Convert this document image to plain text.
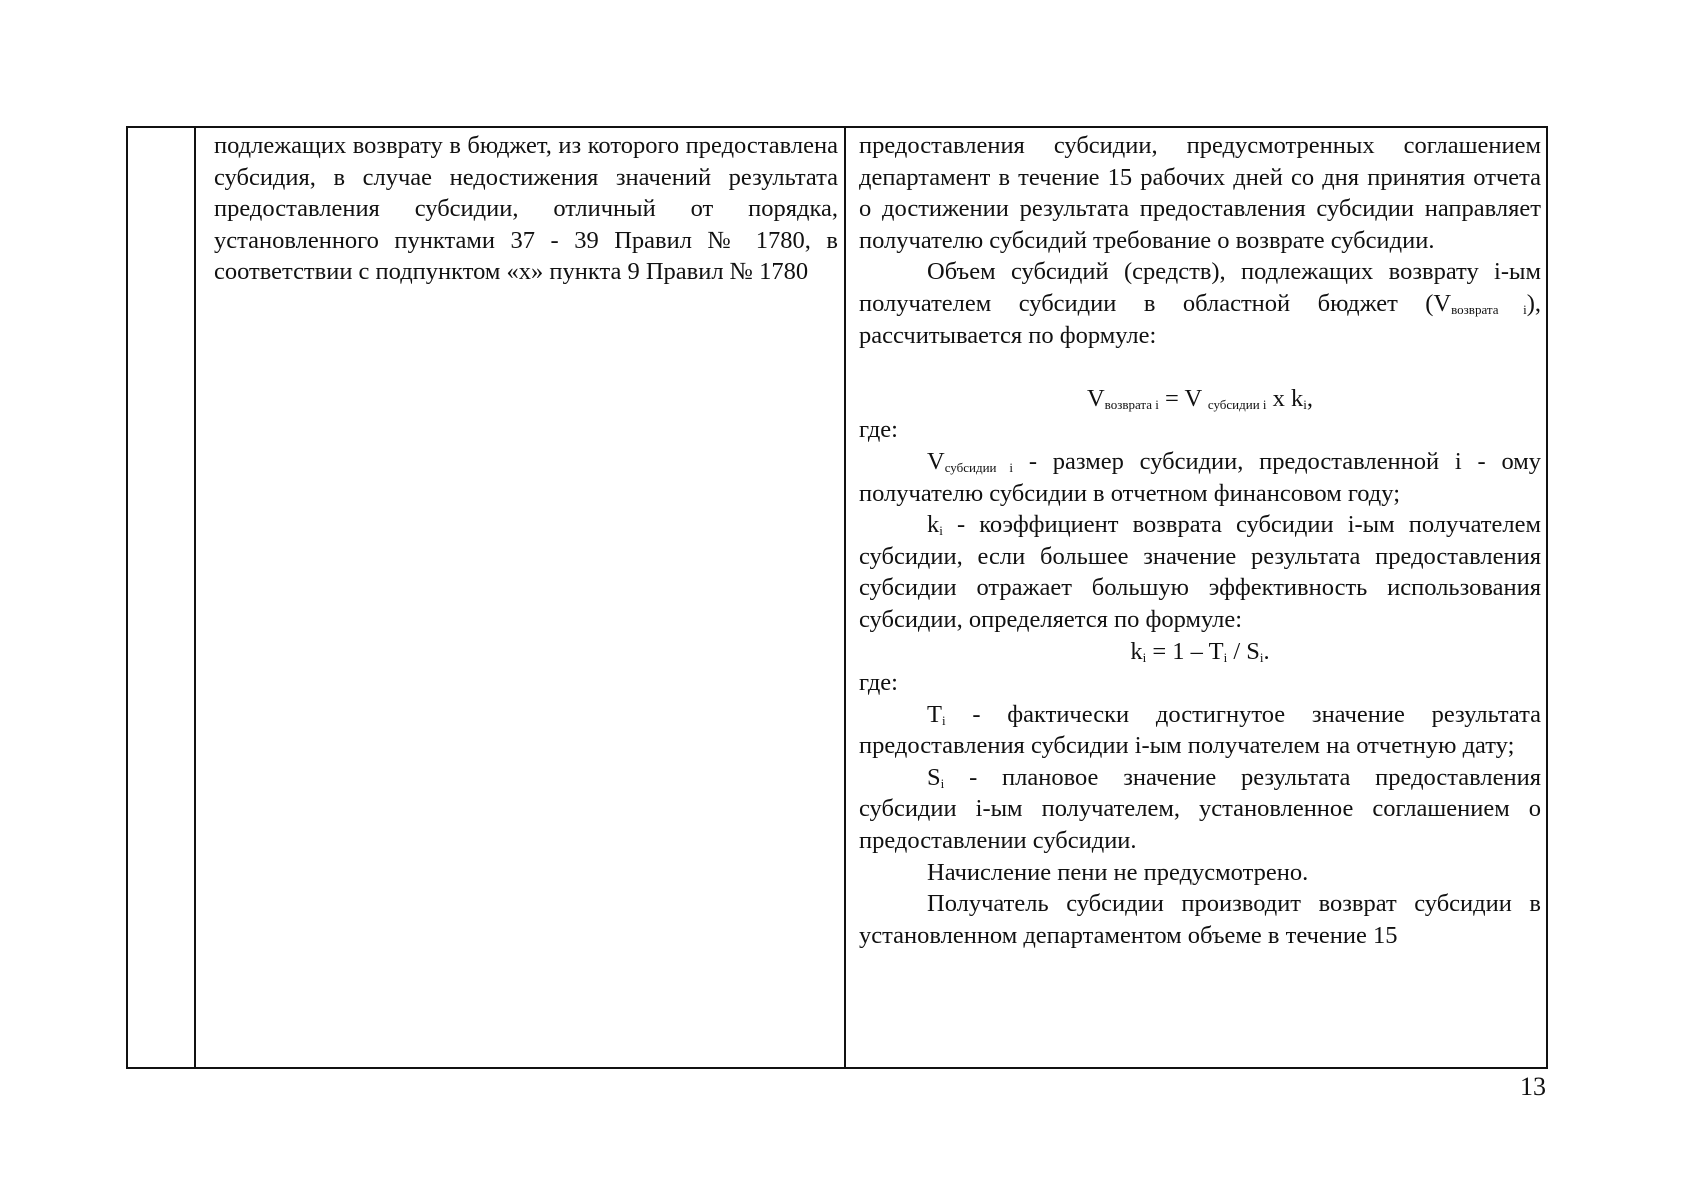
подлежащих возврату в бюджет, из которого предоставлена субсидия, в случае недостижения значений результата предоставления субсидии, отличный от порядка, установленного пунктами 37 - 39 Правил № 1780, в соответствии с подпунктом «х» пункта 9 Правил № 1780

предоставления субсидии, предусмотренных соглашением департамент в течение 15 рабочих дней со дня принятия отчета о достижении результата предоставления субсидии направляет получателю субсидий требование о возврате субсидии.

Объем субсидий (средств), подлежащих возврату i-ым получателем субсидии в областной бюджет $(V_{возврата i})$, рассчитывается по формуле:

$V_{возврата i} = V$ $_{субсидии i}$ x $k_i$,

где:

$V_{субсидии i}$ - размер субсидии, предоставленной i - ому получателю субсидии в отчетном финансовом году;

$k_i$ - коэффициент возврата субсидии i-ым получателем субсидии, если большее значение результата предоставления субсидии отражает большую эффективность использования субсидии, определяется по формуле:

$k_i = 1 - T_i / S_i$.

где:

$T_i$ - фактически достигнутое значение результата предоставления субсидии i-ым получателем на отчетную дату;

$S_i$ - плановое значение результата предоставления субсидии i-ым получателем, установленное соглашением о предоставлении субсидии.

Начисление пени не предусмотрено.

Получатель субсидии производит возврат субсидии в установленном департаментом объеме в течение 15

13
